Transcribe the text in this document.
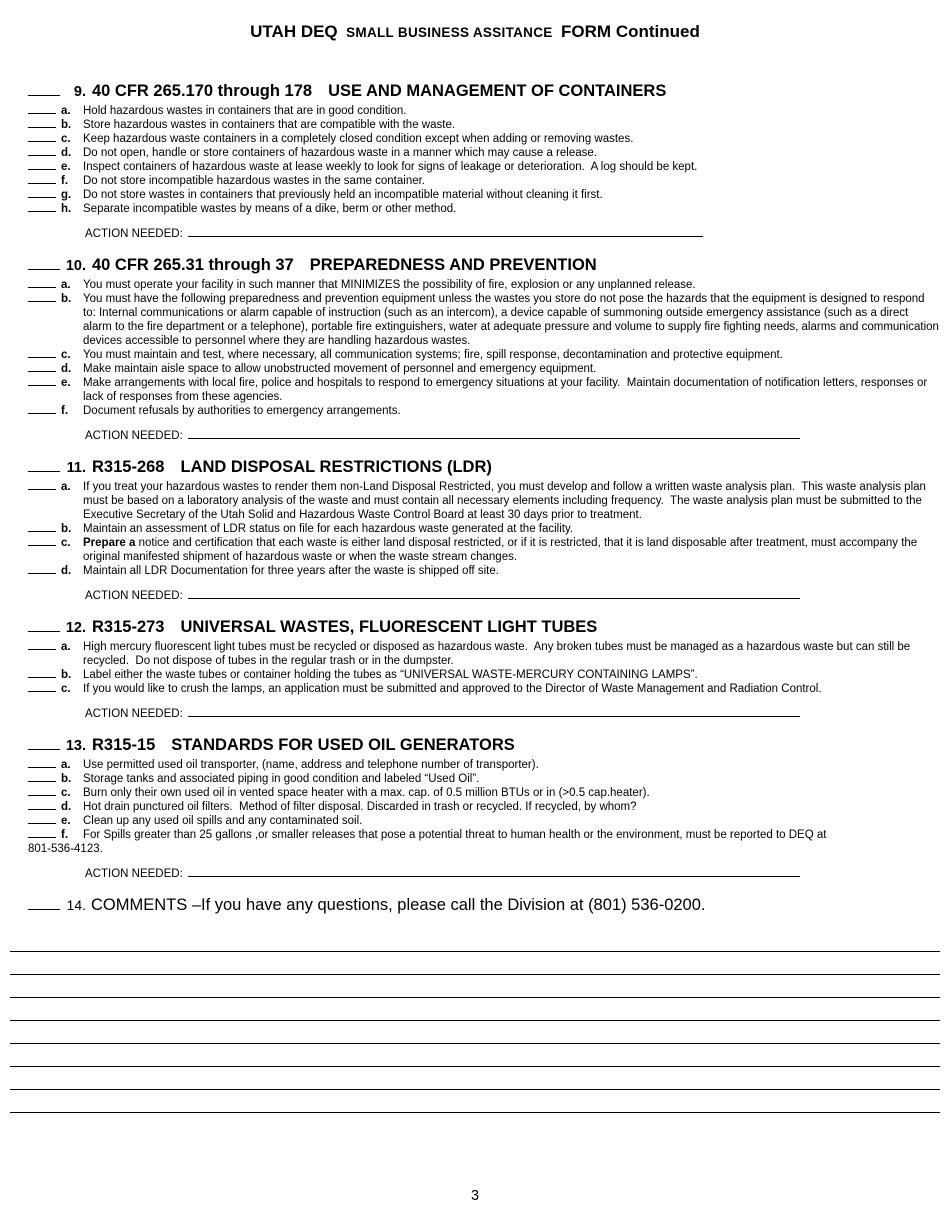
UTAH DEQ SMALL BUSINESS ASSITANCE FORM Continued
9. 40 CFR 265.170 through 178 USE AND MANAGEMENT OF CONTAINERS
a.	Hold hazardous wastes in containers that are in good condition.
b.	Store hazardous wastes in containers that are compatible with the waste.
c.	Keep hazardous waste containers in a completely closed condition except when adding or removing wastes.
d.	Do not open, handle or store containers of hazardous waste in a manner which may cause a release.
e.	Inspect containers of hazardous waste at lease weekly to look for signs of leakage or deterioration.  A log should be kept.
f.	Do not store incompatible hazardous wastes in the same container.
g.	Do not store wastes in containers that previously held an incompatible material without cleaning it first.
h.	Separate incompatible wastes by means of a dike, berm or other method.
ACTION NEEDED:
10. 40 CFR 265.31 through 37 PREPAREDNESS AND PREVENTION
a.	You must operate your facility in such manner that MINIMIZES the possibility of fire, explosion or any unplanned release.
b.	You must have the following preparedness and prevention equipment unless the wastes you store do not pose the hazards that the equipment is designed to respond to: Internal communications or alarm capable of instruction (such as an intercom), a device capable of summoning outside emergency assistance (such as a direct alarm to the fire department or a telephone), portable fire extinguishers, water at adequate pressure and volume to supply fire fighting needs, alarms and communication devices accessible to personnel where they are handling hazardous wastes.
c.	You must maintain and test, where necessary, all communication systems; fire, spill response, decontamination and protective equipment.
d.	Make maintain aisle space to allow unobstructed movement of personnel and emergency equipment.
e.	Make arrangements with local fire, police and hospitals to respond to emergency situations at your facility.  Maintain documentation of notification letters, responses or lack of responses from these agencies.
f.	Document refusals by authorities to emergency arrangements.
ACTION NEEDED:
11. R315-268 LAND DISPOSAL RESTRICTIONS (LDR)
a.	If you treat your hazardous wastes to render them non-Land Disposal Restricted, you must develop and follow a written waste analysis plan.  This waste analysis plan must be based on a laboratory analysis of the waste and must contain all necessary elements including frequency.  The waste analysis plan must be submitted to the Executive Secretary of the Utah Solid and Hazardous Waste Control Board at least 30 days prior to treatment.
b.	Maintain an assessment of LDR status on file for each hazardous waste generated at the facility.
c.	Prepare a notice and certification that each waste is either land disposal restricted, or if it is restricted, that it is land disposable after treatment, must accompany the original manifested shipment of hazardous waste or when the waste stream changes.
d.	Maintain all LDR Documentation for three years after the waste is shipped off site.
ACTION NEEDED:
12. R315-273 UNIVERSAL WASTES, FLUORESCENT LIGHT TUBES
a.	High mercury fluorescent light tubes must be recycled or disposed as hazardous waste.  Any broken tubes must be managed as a hazardous waste but can still be recycled.  Do not dispose of tubes in the regular trash or in the dumpster.
b.	Label either the waste tubes or container holding the tubes as “UNIVERSAL WASTE-MERCURY CONTAINING LAMPS”.
c.	If you would like to crush the lamps, an application must be submitted and approved to the Director of Waste Management and Radiation Control.
ACTION NEEDED:
13. R315-15 STANDARDS FOR USED OIL GENERATORS
a.	Use permitted used oil transporter, (name, address and telephone number of transporter).
b.	Storage tanks and associated piping in good condition and labeled “Used Oil”.
c.	Burn only their own used oil in vented space heater with a max. cap. of 0.5 million BTUs or in (>0.5 cap.heater).
d.	Hot drain punctured oil filters.  Method of filter disposal. Discarded in trash or recycled. If recycled, by whom?
e.	Clean up any used oil spills and any contaminated soil.
f.	For Spills greater than 25 gallons ,or smaller releases that pose a potential threat to human health or the environment, must be reported to DEQ at
801-536-4123.
ACTION NEEDED:
14. COMMENTS –If you have any questions, please call the Division at (801) 536-0200.
3
